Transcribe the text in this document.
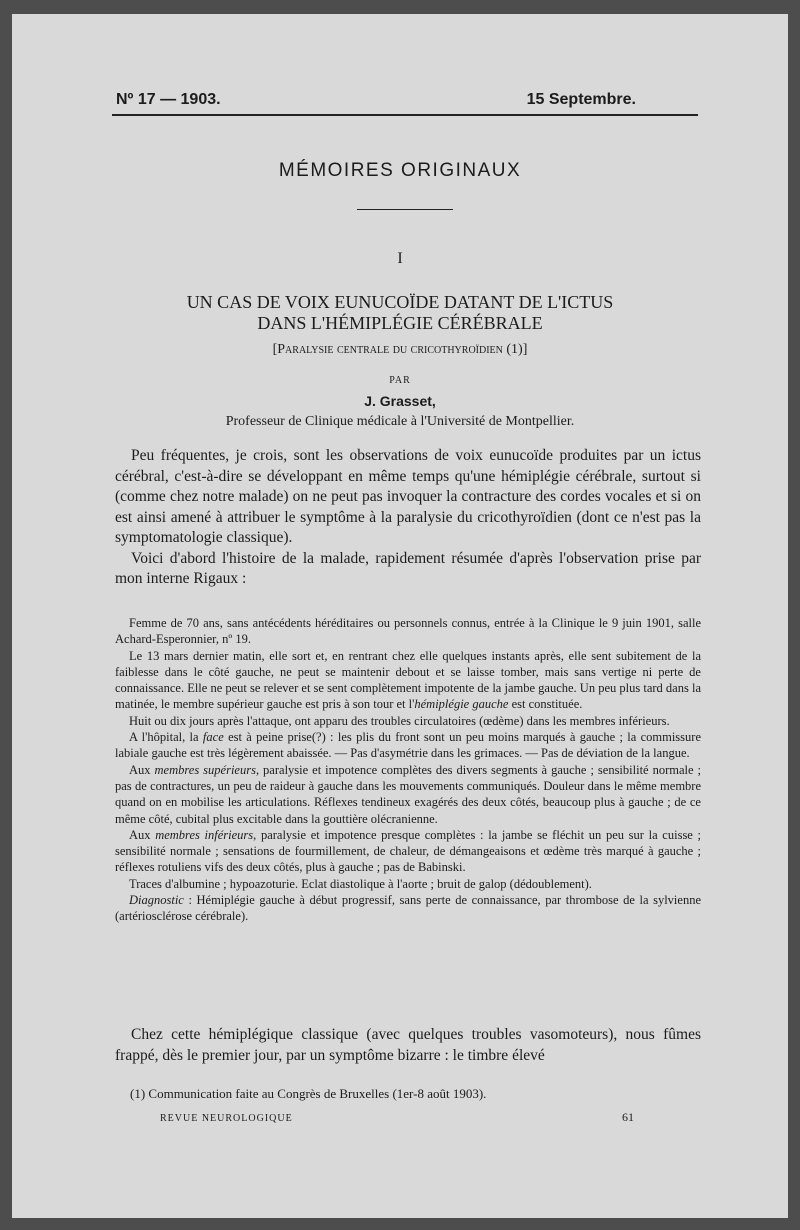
Nº 17 — 1903.	15 Septembre.
MÉMOIRES ORIGINAUX
I
UN CAS DE VOIX EUNUCOÏDE DATANT DE L'ICTUS
DANS L'HÉMIPLÉGIE CÉRÉBRALE
[Paralysie centrale du cricothyroïdien (1)]
PAR
J. Grasset,
Professeur de Clinique médicale à l'Université de Montpellier.

Peu fréquentes, je crois, sont les observations de voix eunucoïde produites par un ictus cérébral, c'est-à-dire se développant en même temps qu'une hémiplégie cérébrale, surtout si (comme chez notre malade) on ne peut pas invoquer la contracture des cordes vocales et si on est ainsi amené à attribuer le symptôme à la paralysie du cricothyroïdien (dont ce n'est pas la symptomatologie classique).

Voici d'abord l'histoire de la malade, rapidement résumée d'après l'observation prise par mon interne Rigaux :

Femme de 70 ans, sans antécédents héréditaires ou personnels connus, entrée à la Clinique le 9 juin 1901, salle Achard-Esperonnier, nº 19.

Le 13 mars dernier matin, elle sort et, en rentrant chez elle quelques instants après, elle sent subitement de la faiblesse dans le côté gauche, ne peut se maintenir debout et se laisse tomber, mais sans vertige ni perte de connaissance. Elle ne peut se relever et se sent complètement impotente de la jambe gauche. Un peu plus tard dans la matinée, le membre supérieur gauche est pris à son tour et l'hémiplégie gauche est constituée.

Huit ou dix jours après l'attaque, ont apparu des troubles circulatoires (œdème) dans les membres inférieurs.

A l'hôpital, la face est à peine prise(?) : les plis du front sont un peu moins marqués à gauche ; la commissure labiale gauche est très légèrement abaissée. — Pas d'asymétrie dans les grimaces. — Pas de déviation de la langue.

Aux membres supérieurs, paralysie et impotence complètes des divers segments à gauche ; sensibilité normale ; pas de contractures, un peu de raideur à gauche dans les mouvements communiqués. Douleur dans le même membre quand on en mobilise les articulations. Réflexes tendineux exagérés des deux côtés, beaucoup plus à gauche ; de ce même côté, cubital plus excitable dans la gouttière olécranienne.

Aux membres inférieurs, paralysie et impotence presque complètes : la jambe se fléchit un peu sur la cuisse ; sensibilité normale ; sensations de fourmillement, de chaleur, de démangeaisons et œdème très marqué à gauche ; réflexes rotuliens vifs des deux côtés, plus à gauche ; pas de Babinski.

Traces d'albumine ; hypoazoturie. Eclat diastolique à l'aorte ; bruit de galop (dédoublement).

Diagnostic : Hémiplégie gauche à début progressif, sans perte de connaissance, par thrombose de la sylvienne (artériosclérose cérébrale).

Chez cette hémiplégique classique (avec quelques troubles vasomoteurs), nous fûmes frappé, dès le premier jour, par un symptôme bizarre : le timbre élevé
(1) Communication faite au Congrès de Bruxelles (1er-8 août 1903).
REVUE NEUROLOGIQUE	61
